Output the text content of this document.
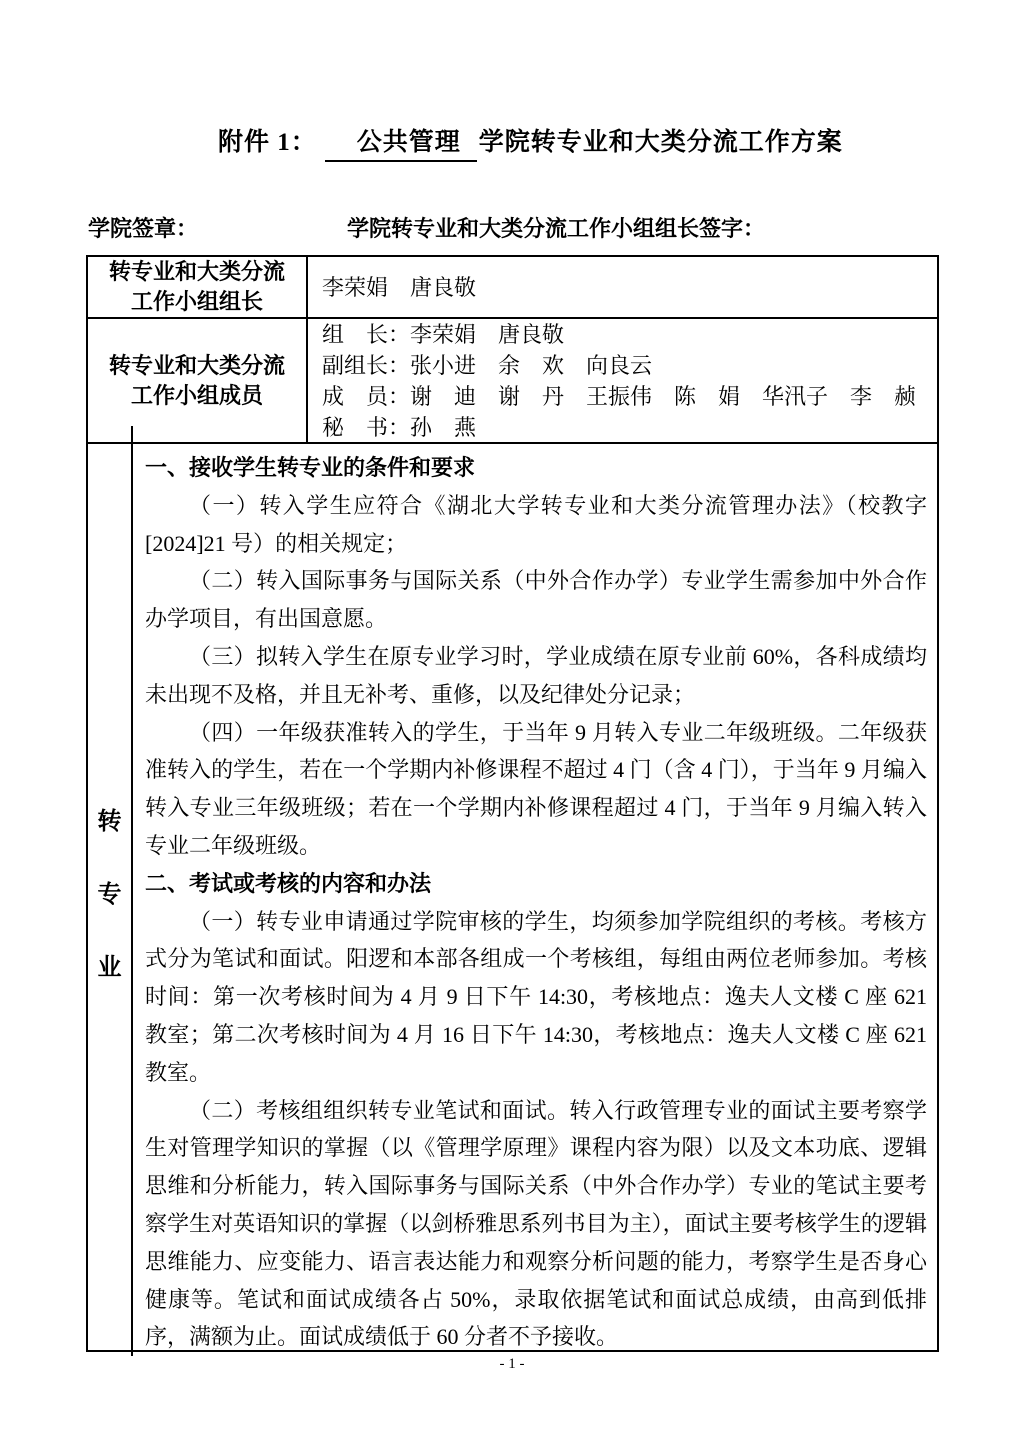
附件 1： 公共管理 学院转专业和大类分流工作方案
学院签章：	学院转专业和大类分流工作小组组长签字：
转专业和大类分流
工作小组组长
李荣娟　唐良敬
转专业和大类分流
工作小组成员
组　长：李荣娟　唐良敬
副组长：张小进　余　欢　向良云
成　员：谢　迪　谢　丹　王振伟　陈　娟　华汛子　李　赪
秘　书：孙　燕
转
专
业
一、接收学生转专业的条件和要求

（一）转入学生应符合《湖北大学转专业和大类分流管理办法》（校教字[2024]21 号）的相关规定；

（二）转入国际事务与国际关系（中外合作办学）专业学生需参加中外合作办学项目，有出国意愿。

（三）拟转入学生在原专业学习时，学业成绩在原专业前 60%，各科成绩均未出现不及格，并且无补考、重修，以及纪律处分记录；

（四）一年级获准转入的学生，于当年 9 月转入专业二年级班级。二年级获准转入的学生，若在一个学期内补修课程不超过 4 门（含 4 门），于当年 9 月编入转入专业三年级班级；若在一个学期内补修课程超过 4 门，于当年 9 月编入转入专业二年级班级。

二、考试或考核的内容和办法

（一）转专业申请通过学院审核的学生，均须参加学院组织的考核。考核方式分为笔试和面试。阳逻和本部各组成一个考核组，每组由两位老师参加。考核时间：第一次考核时间为 4 月 9 日下午 14:30，考核地点：逸夫人文楼 C 座 621 教室；第二次考核时间为 4 月 16 日下午 14:30，考核地点：逸夫人文楼 C 座 621 教室。

（二）考核组组织转专业笔试和面试。转入行政管理专业的面试主要考察学生对管理学知识的掌握（以《管理学原理》课程内容为限）以及文本功底、逻辑思维和分析能力，转入国际事务与国际关系（中外合作办学）专业的笔试主要考察学生对英语知识的掌握（以剑桥雅思系列书目为主），面试主要考核学生的逻辑思维能力、应变能力、语言表达能力和观察分析问题的能力，考察学生是否身心健康等。笔试和面试成绩各占 50%，录取依据笔试和面试总成绩，由高到低排序，满额为止。面试成绩低于 60 分者不予接收。

- 1 -
